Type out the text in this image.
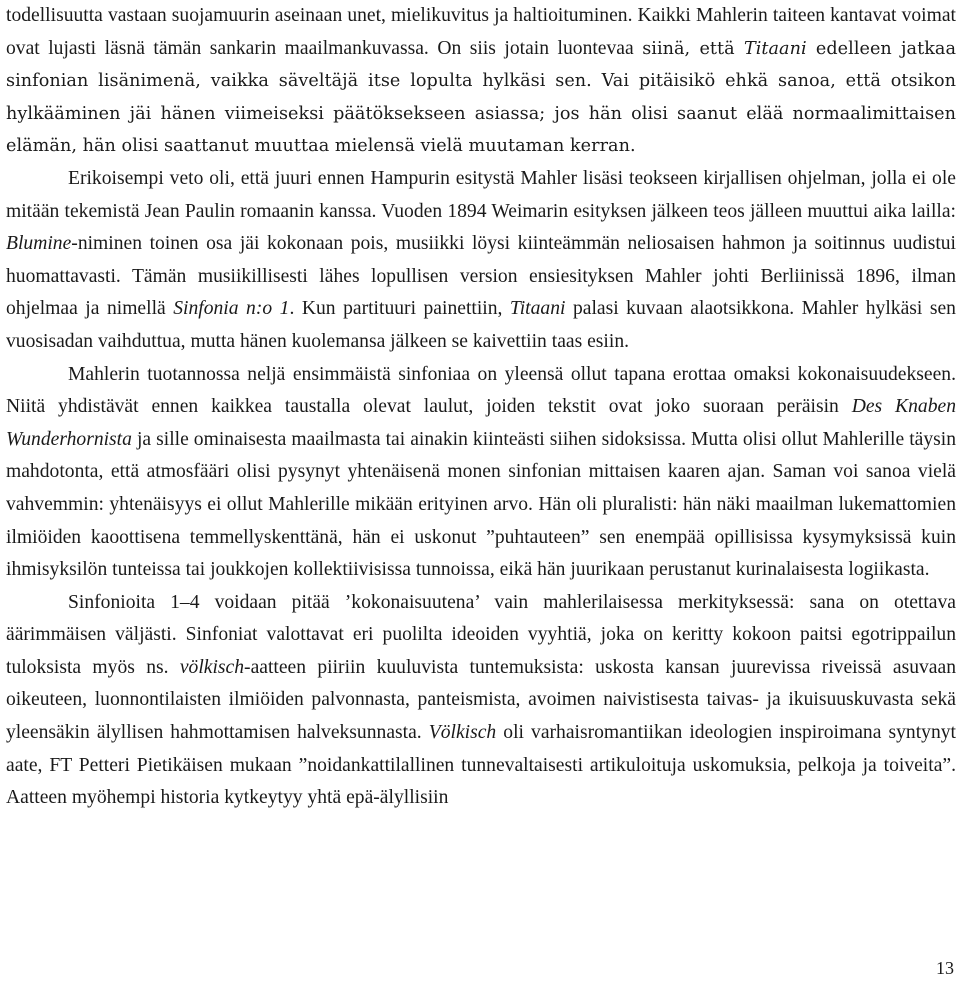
todellisuutta vastaan suojamuurin aseinaan unet, mielikuvitus ja haltioituminen. Kaikki Mahlerin taiteen kantavat voimat ovat lujasti läsnä tämän sankarin maailmankuvassa. On siis jotain luontevaa siinä, että Titaani edelleen jatkaa sinfonian lisänimenä, vaikka säveltäjä itse lopulta hylkäsi sen. Vai pitäisikö ehkä sanoa, että otsikon hylkääminen jäi hänen viimeiseksi päätöksekseen asiassa; jos hän olisi saanut elää normaalimittaisen elämän, hän olisi saattanut muuttaa mielensä vielä muutaman kerran.

Erikoisempi veto oli, että juuri ennen Hampurin esitystä Mahler lisäsi teokseen kirjallisen ohjelman, jolla ei ole mitään tekemistä Jean Paulin romaanin kanssa. Vuoden 1894 Weimarin esityksen jälkeen teos jälleen muuttui aika lailla: Blumine-niminen toinen osa jäi kokonaan pois, musiikki löysi kiinteämmän neliosaisen hahmon ja soitinnus uudistui huomattavasti. Tämän musiikillisesti lähes lopullisen version ensiesityksen Mahler johti Berliinissä 1896, ilman ohjelmaa ja nimellä Sinfonia n:o 1. Kun partituuri painettiin, Titaani palasi kuvaan alaotsikkona. Mahler hylkäsi sen vuosisadan vaihduttua, mutta hänen kuolemansa jälkeen se kaivettiin taas esiin.

Mahlerin tuotannossa neljä ensimmäistä sinfoniaa on yleensä ollut tapana erottaa omaksi kokonaisuudekseen. Niitä yhdistävät ennen kaikkea taustalla olevat laulut, joiden tekstit ovat joko suoraan peräisin Des Knaben Wunderhornista ja sille ominaisesta maailmasta tai ainakin kiinteästi siihen sidoksissa. Mutta olisi ollut Mahlerille täysin mahdotonta, että atmosfääri olisi pysynyt yhtenäisenä monen sinfonian mittaisen kaaren ajan. Saman voi sanoa vielä vahvemmin: yhtenäisyys ei ollut Mahlerille mikään erityinen arvo. Hän oli pluralisti: hän näki maailman lukemattomien ilmiöiden kaoottisena temmellyskenttänä, hän ei uskonut ”puhtauteen” sen enempää opillisissa kysymyksissä kuin ihmisyksilön tunteissa tai joukkojen kollektiivisissa tunnoissa, eikä hän juurikaan perustanut kurinalaisesta logiikasta.

Sinfonioita 1–4 voidaan pitää ’kokonaisuutena’ vain mahlerilaisessa merkityksessä: sana on otettava äärimmäisen väljästi. Sinfoniat valottavat eri puolilta ideoiden vyyhtiä, joka on keritty kokoon paitsi egotrippailun tuloksista myös ns. völkisch-aatteen piiriin kuuluvista tuntemuksista: uskosta kansan juurevissa riveissä asuvaan oikeuteen, luonnontilaisten ilmiöiden palvonnasta, panteismista, avoimen naivistisesta taivas- ja ikuisuuskuvasta sekä yleensäkin älyllisen hahmottamisen halveksunnasta. Völkisch oli varhaisromantiikan ideologien inspiroimana syntynyt aate, FT Petteri Pietikäisen mukaan ”noidankattilallinen tunnevaltaisesti artikuloituja uskomuksia, pelkoja ja toiveita”. Aatteen myöhempi historia kytkeytyy yhtä epä-älyllisiin

13
